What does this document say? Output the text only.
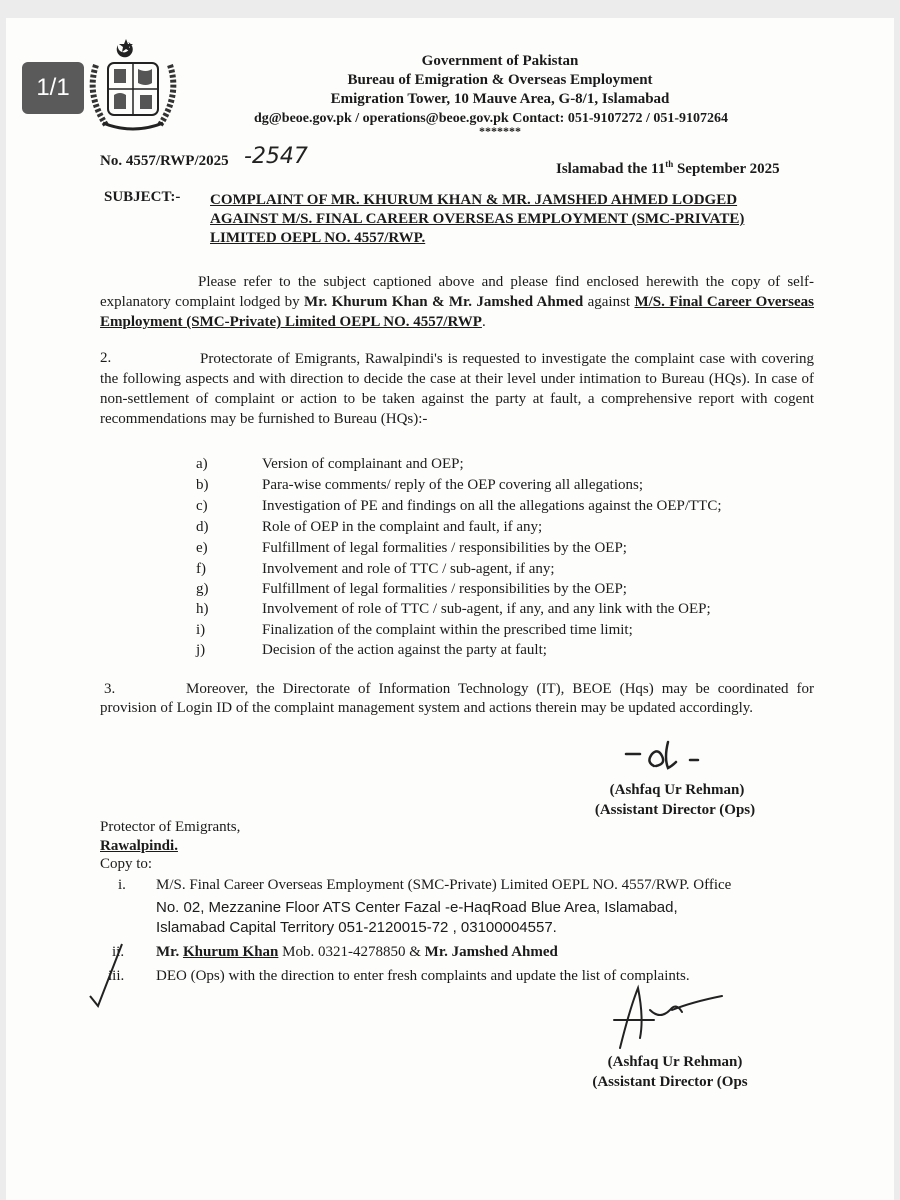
1/1
Government of Pakistan
Bureau of Emigration & Overseas Employment
Emigration Tower, 10 Mauve Area, G-8/1, Islamabad
dg@beoe.gov.pk / operations@beoe.gov.pk Contact: 051-9107272 / 051-9107264
*******
No. 4557/RWP/2025 -2547	Islamabad the 11th September 2025
SUBJECT:- COMPLAINT OF MR. KHURUM KHAN & MR. JAMSHED AHMED LODGED
AGAINST M/S. FINAL CAREER OVERSEAS EMPLOYMENT (SMC-PRIVATE)
LIMITED OEPL NO. 4557/RWP.
Please refer to the subject captioned above and please find enclosed herewith the copy of self-explanatory complaint lodged by Mr. Khurum Khan & Mr. Jamshed Ahmed against M/S. Final Career Overseas Employment (SMC-Private) Limited OEPL NO. 4557/RWP.
2.	Protectorate of Emigrants, Rawalpindi's is requested to investigate the complaint case with covering the following aspects and with direction to decide the case at their level under intimation to Bureau (HQs). In case of non-settlement of complaint or action to be taken against the party at fault, a comprehensive report with cogent recommendations may be furnished to Bureau (HQs):-
a)	Version of complainant and OEP;
b)	Para-wise comments/ reply of the OEP covering all allegations;
c)	Investigation of PE and findings on all the allegations against the OEP/TTC;
d)	Role of OEP in the complaint and fault, if any;
e)	Fulfillment of legal formalities / responsibilities by the OEP;
f)	Involvement and role of TTC / sub-agent, if any;
g)	Fulfillment of legal formalities / responsibilities by the OEP;
h)	Involvement of role of TTC / sub-agent, if any, and any link with the OEP;
i)	Finalization of the complaint within the prescribed time limit;
j)	Decision of the action against the party at fault;
3.	Moreover, the Directorate of Information Technology (IT), BEOE (Hqs) may be coordinated for provision of Login ID of the complaint management system and actions therein may be updated accordingly.
(Ashfaq Ur Rehman)
(Assistant Director (Ops)
Protector of Emigrants,
Rawalpindi.
Copy to:
i. M/S. Final Career Overseas Employment (SMC-Private) Limited OEPL NO. 4557/RWP. Office
No. 02, Mezzanine Floor ATS Center Fazal -e-HaqRoad Blue Area, Islamabad,
Islamabad Capital Territory 051-2120015-72 , 03100004557.
ii. Mr. Khurum Khan Mob. 0321-4278850 & Mr. Jamshed Ahmed
iii. DEO (Ops) with the direction to enter fresh complaints and update the list of complaints.
(Ashfaq Ur Rehman)
(Assistant Director (Ops
